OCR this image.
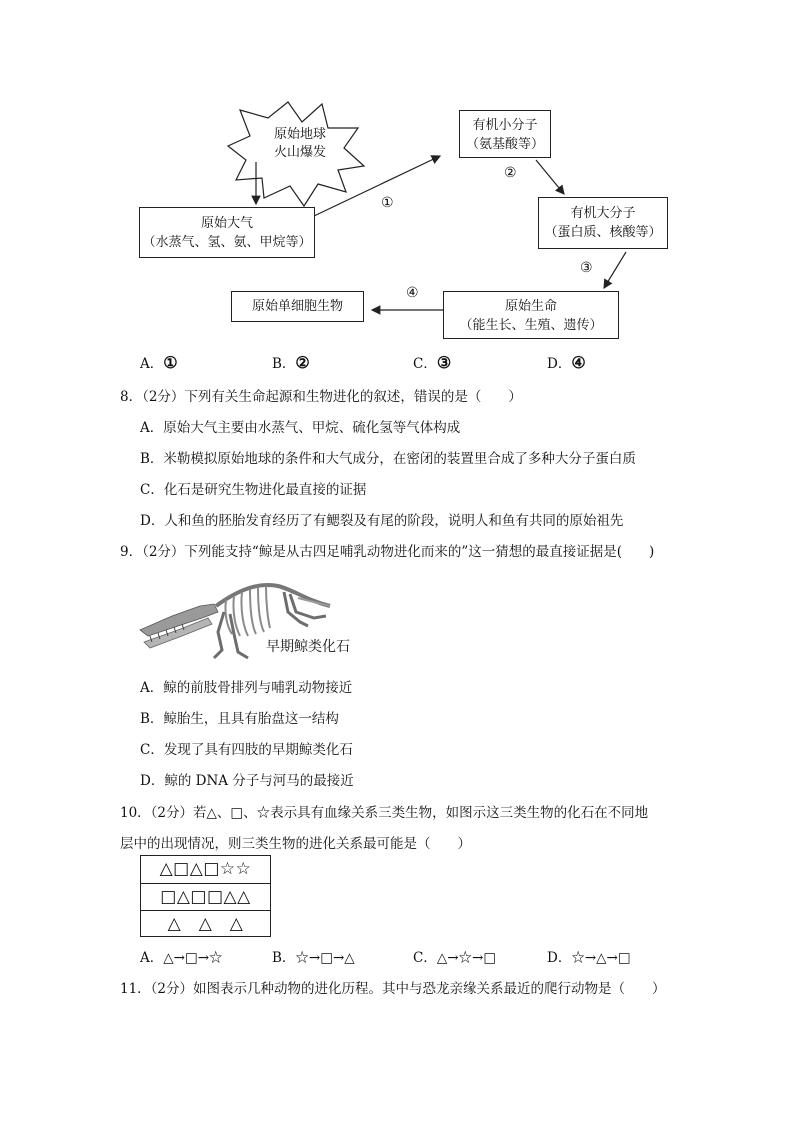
原始地球
火山爆发
原始大气
（水蒸气、氢、氨、甲烷等）
有机小分子
（氨基酸等）
有机大分子
（蛋白质、核酸等）
原始生命
（能生长、生殖、遗传）
原始单细胞生物
①
②
③
④
A．①	B．②	C．③	D．④
8．（2分）下列有关生命起源和生物进化的叙述，错误的是（　　）
A．原始大气主要由水蒸气、甲烷、硫化氢等气体构成
B．米勒模拟原始地球的条件和大气成分，在密闭的装置里合成了多种大分子蛋白质
C．化石是研究生物进化最直接的证据
D．人和鱼的胚胎发育经历了有鳃裂及有尾的阶段，说明人和鱼有共同的原始祖先
9．（2分）下列能支持“鲸是从古四足哺乳动物进化而来的”这一猜想的最直接证据是(　　)
早期鲸类化石
A．鲸的前肢骨排列与哺乳动物接近
B．鲸胎生，且具有胎盘这一结构
C．发现了具有四肢的早期鲸类化石
D．鲸的 DNA 分子与河马的最接近
10．（2分）若△、□、☆表示具有血缘关系三类生物，如图示这三类生物的化石在不同地
层中的出现情况，则三类生物的进化关系最可能是（　　）
△□△□☆☆
□△□□△△
△　△　△
A．△→□→☆	B．☆→□→△	C．△→☆→□	D．☆→△→□
11．（2分）如图表示几种动物的进化历程。其中与恐龙亲缘关系最近的爬行动物是（　　）
